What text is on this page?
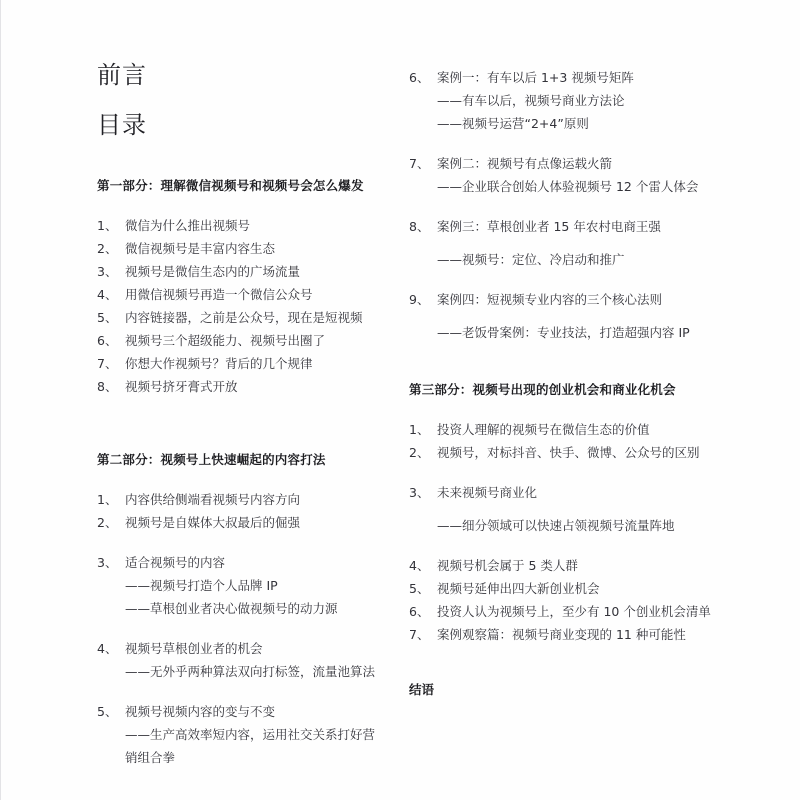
前言
目录
第一部分：理解微信视频号和视频号会怎么爆发
1、 微信为什么推出视频号
2、 微信视频号是丰富内容生态
3、 视频号是微信生态内的广场流量
4、 用微信视频号再造一个微信公众号
5、 内容链接器，之前是公众号，现在是短视频
6、 视频号三个超级能力、视频号出圈了
7、 你想大作视频号？背后的几个规律
8、 视频号挤牙膏式开放
第二部分：视频号上快速崛起的内容打法
1、 内容供给侧端看视频号内容方向
2、 视频号是自媒体大叔最后的倔强
3、 适合视频号的内容
——视频号打造个人品牌 IP
——草根创业者决心做视频号的动力源
4、 视频号草根创业者的机会
——无外乎两种算法双向打标签，流量池算法
5、 视频号视频内容的变与不变
——生产高效率短内容，运用社交关系打好营销组合拳
6、 案例一：有车以后 1+3 视频号矩阵
——有车以后，视频号商业方法论
——视频号运营“2+4”原则
7、 案例二：视频号有点像运载火箭
——企业联合创始人体验视频号 12 个雷人体会
8、 案例三：草根创业者 15 年农村电商王强
——视频号：定位、冷启动和推广
9、 案例四：短视频专业内容的三个核心法则
——老饭骨案例：专业技法，打造超强内容 IP
第三部分：视频号出现的创业机会和商业化机会
1、 投资人理解的视频号在微信生态的价值
2、 视频号，对标抖音、快手、微博、公众号的区别
3、 未来视频号商业化
——细分领域可以快速占领视频号流量阵地
4、 视频号机会属于 5 类人群
5、 视频号延伸出四大新创业机会
6、 投资人认为视频号上，至少有 10 个创业机会清单
7、 案例观察篇：视频号商业变现的 11 种可能性
结语
